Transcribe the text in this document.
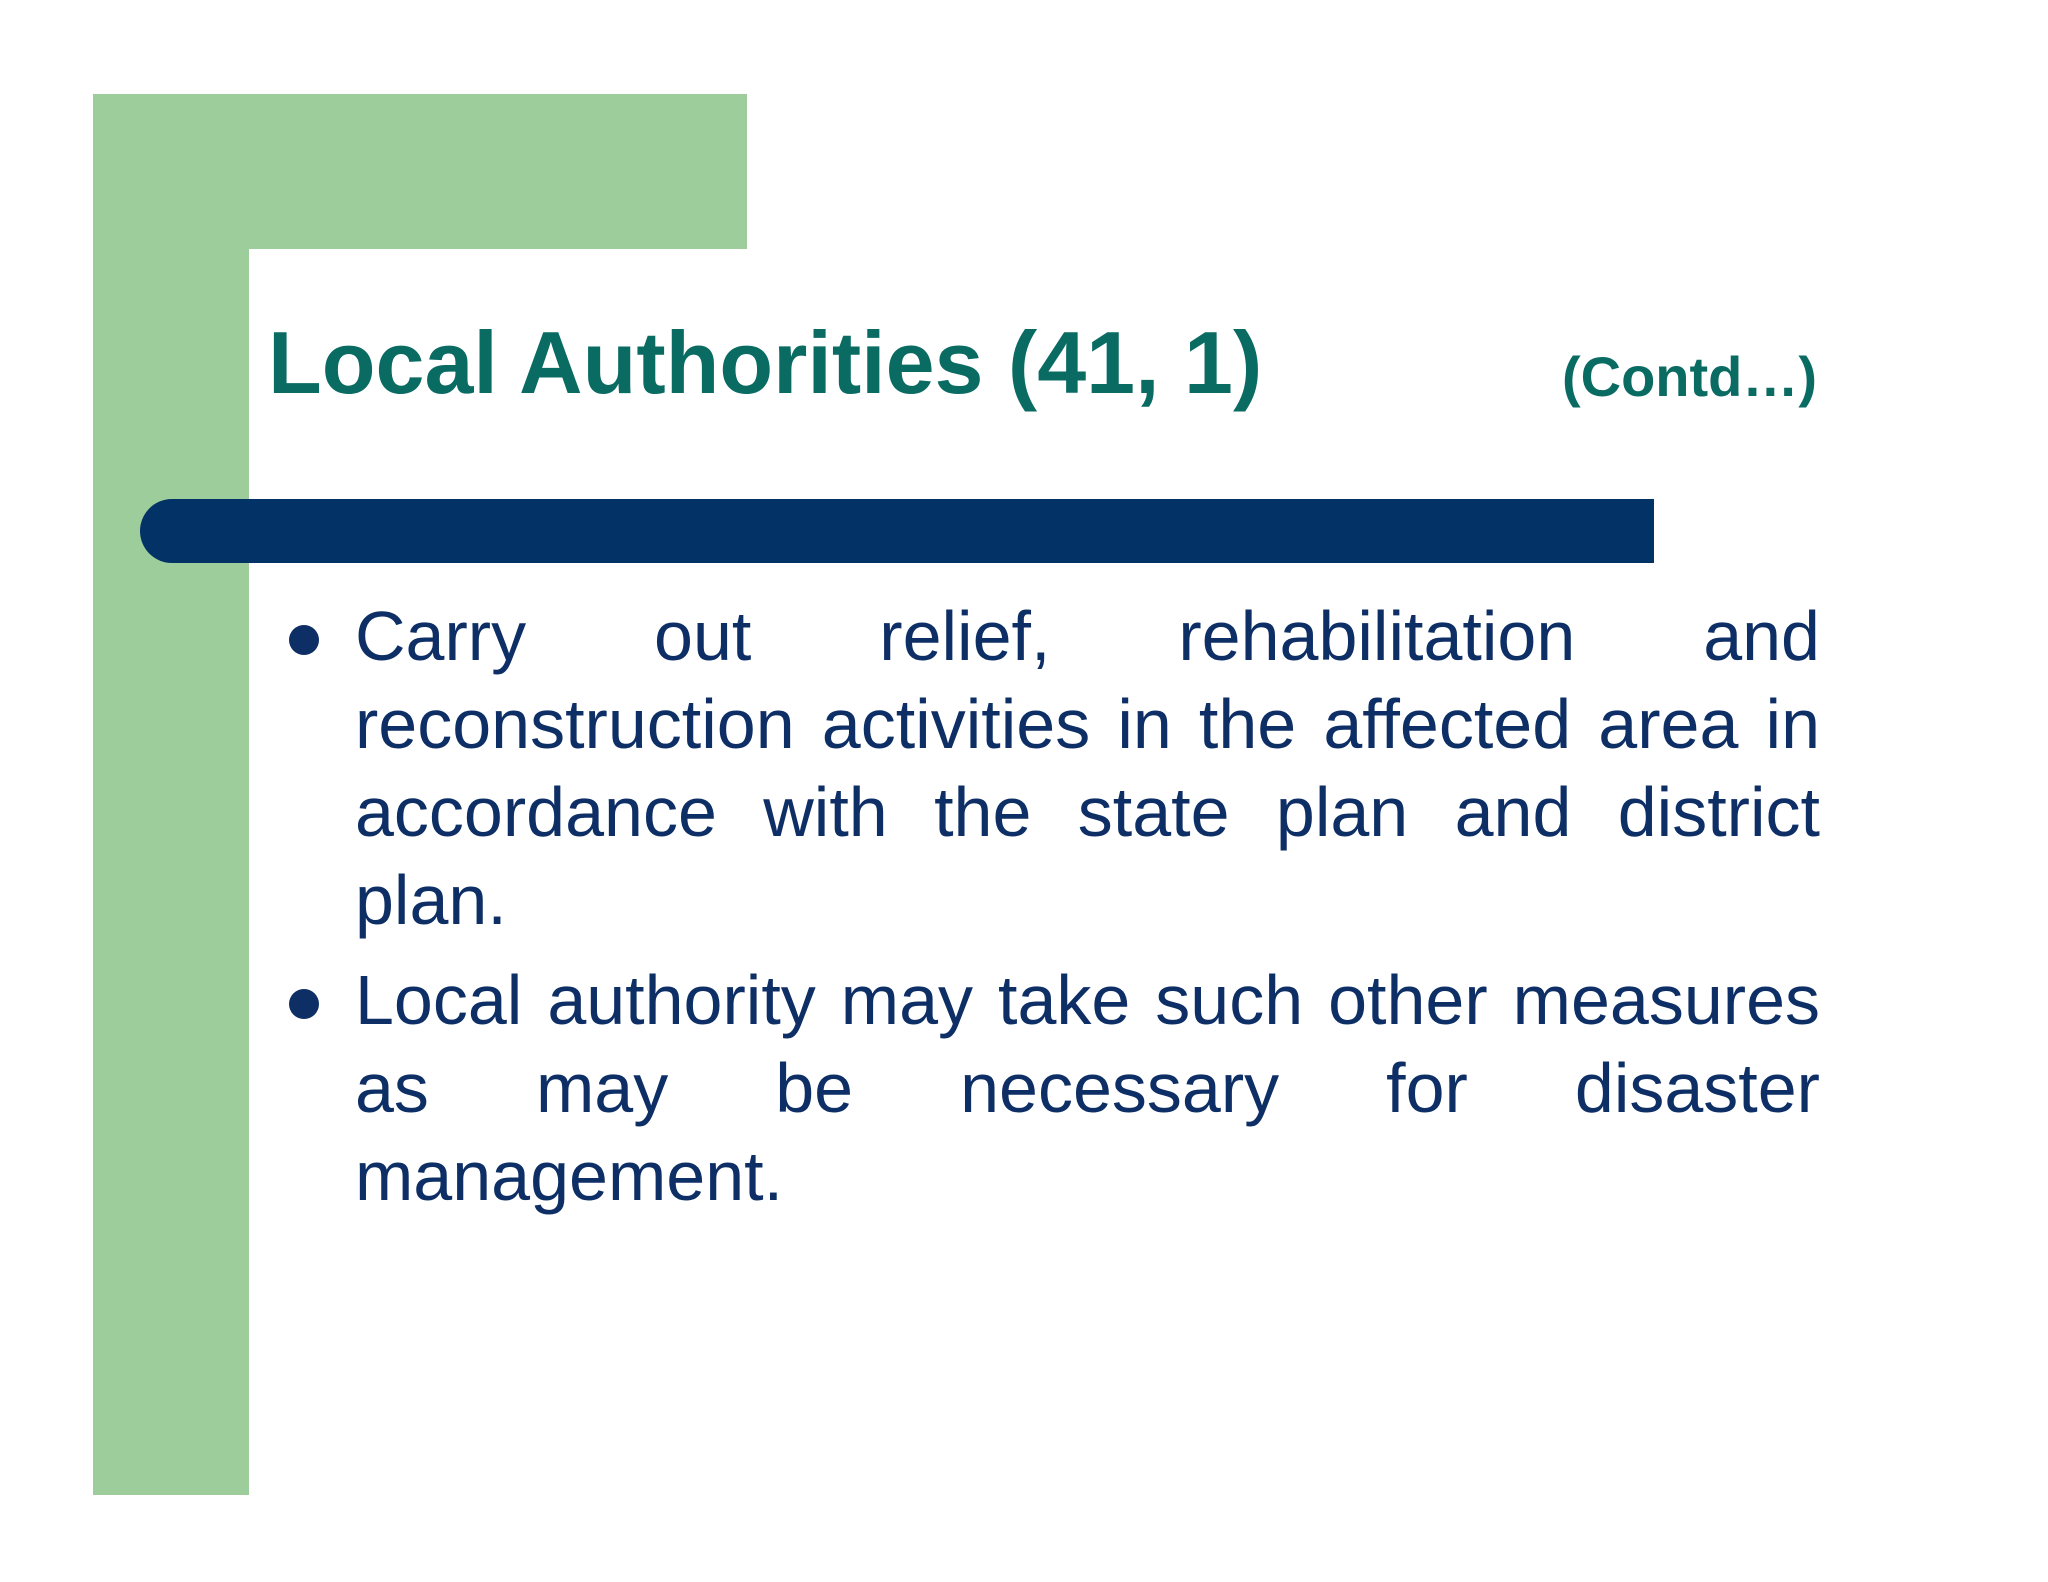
Local Authorities (41, 1)	(Contd…)
Carry out relief, rehabilitation and reconstruction activities in the affected area in accordance with the state plan and district plan.
Local authority may take such other measures as may be necessary for disaster management.
